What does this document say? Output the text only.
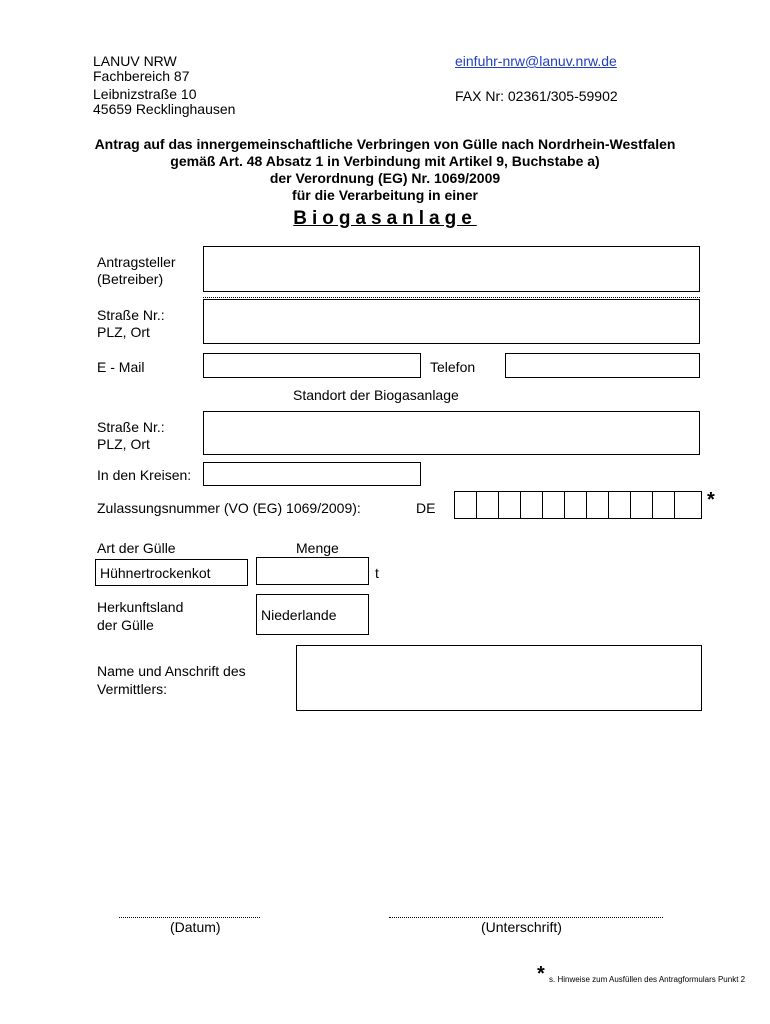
LANUV NRW
Fachbereich 87
Leibnizstraße 10
45659 Recklinghausen
einfuhr-nrw@lanuv.nrw.de
FAX Nr: 02361/305-59902
Antrag auf das innergemeinschaftliche Verbringen von Gülle nach Nordrhein-Westfalen
gemäß Art. 48 Absatz 1 in Verbindung mit Artikel 9, Buchstabe a)
der Verordnung (EG) Nr. 1069/2009
für die Verarbeitung in einer
Biogasanlage
Antragsteller
(Betreiber)
Straße Nr.:
PLZ, Ort
E - Mail	Telefon
Standort der Biogasanlage
Straße Nr.:
PLZ, Ort
In den Kreisen:
Zulassungsnummer (VO (EG) 1069/2009):	DE	*
Art der Gülle	Menge
Hühnertrockenkot	t
Herkunftsland
der Gülle
Niederlande
Name und Anschrift des
Vermittlers:
(Datum)	(Unterschrift)
* s. Hinweise zum Ausfüllen des Antragformulars Punkt 2
